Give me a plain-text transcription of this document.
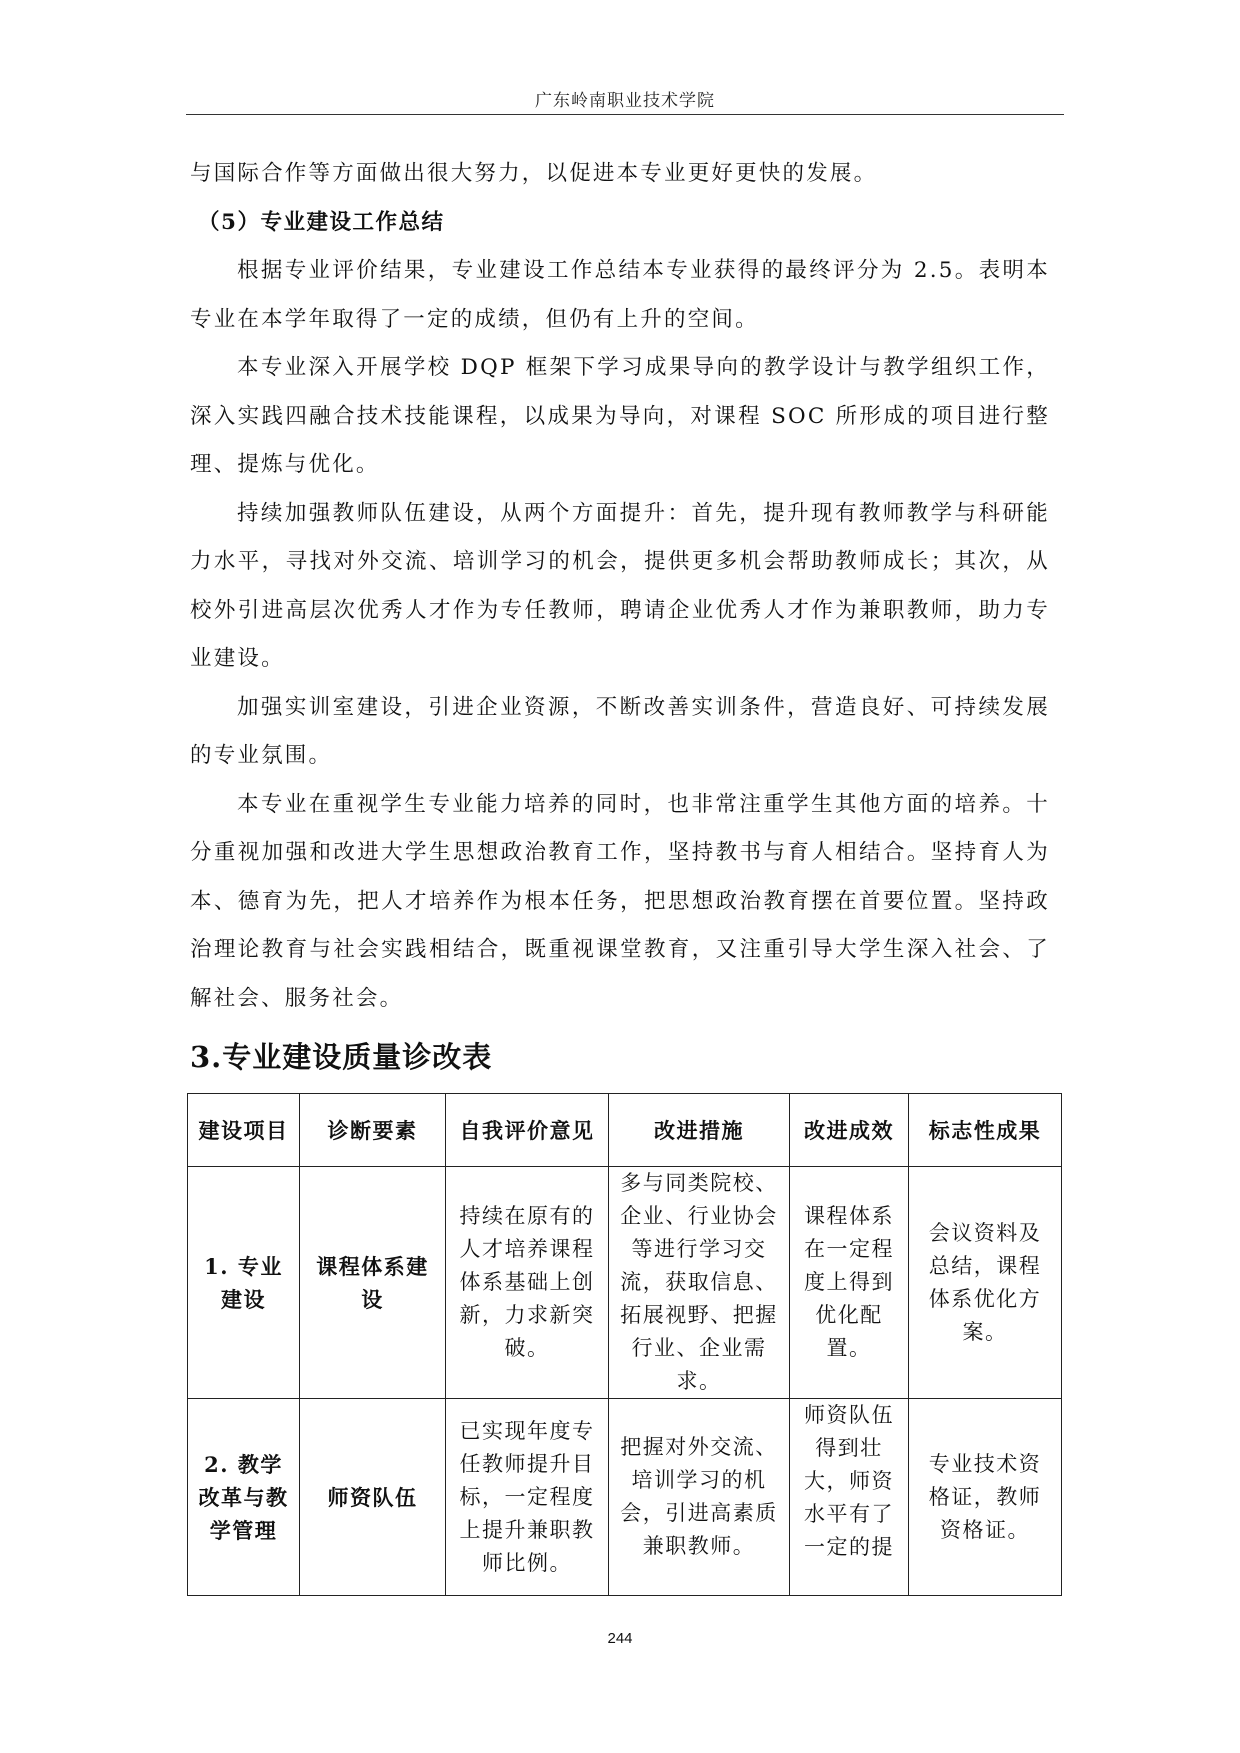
广东岭南职业技术学院

与国际合作等方面做出很大努力，以促进本专业更好更快的发展。

（5）专业建设工作总结

根据专业评价结果，专业建设工作总结本专业获得的最终评分为 2.5。表明本专业在本学年取得了一定的成绩，但仍有上升的空间。

本专业深入开展学校 DQP 框架下学习成果导向的教学设计与教学组织工作，深入实践四融合技术技能课程，以成果为导向，对课程 SOC 所形成的项目进行整理、提炼与优化。

持续加强教师队伍建设，从两个方面提升：首先，提升现有教师教学与科研能力水平，寻找对外交流、培训学习的机会，提供更多机会帮助教师成长；其次，从校外引进高层次优秀人才作为专任教师，聘请企业优秀人才作为兼职教师，助力专业建设。

加强实训室建设，引进企业资源，不断改善实训条件，营造良好、可持续发展的专业氛围。

本专业在重视学生专业能力培养的同时，也非常注重学生其他方面的培养。十分重视加强和改进大学生思想政治教育工作，坚持教书与育人相结合。坚持育人为本、德育为先，把人才培养作为根本任务，把思想政治教育摆在首要位置。坚持政治理论教育与社会实践相结合，既重视课堂教育，又注重引导大学生深入社会、了解社会、服务社会。

3.专业建设质量诊改表
建设项目	诊断要素	自我评价意见	改进措施	改进成效	标志性成果
1. 专业建设	课程体系建设	持续在原有的人才培养课程体系基础上创新，力求新突破。	多与同类院校、企业、行业协会等进行学习交流，获取信息、拓展视野、把握行业、企业需求。	课程体系在一定程度上得到优化配置。	会议资料及总结，课程体系优化方案。
2. 教学改革与教学管理	师资队伍	已实现年度专任教师提升目标，一定程度上提升兼职教师比例。	把握对外交流、培训学习的机会，引进高素质兼职教师。	师资队伍得到壮大，师资水平有了一定的提	专业技术资格证，教师资格证。
244
